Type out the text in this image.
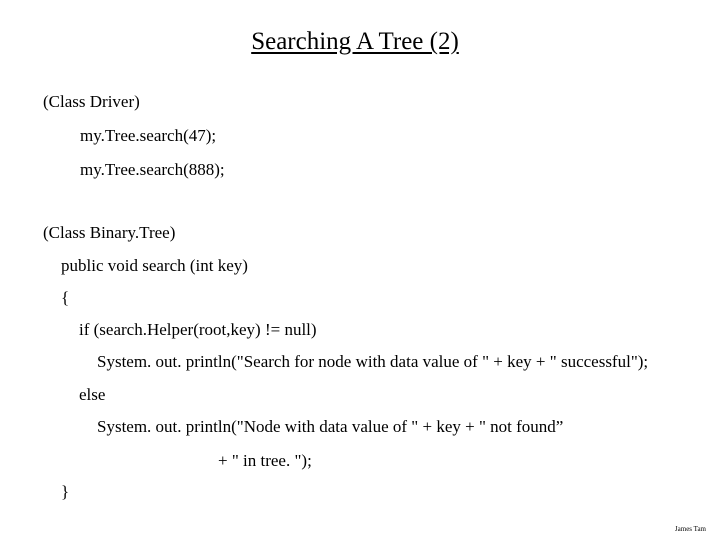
Searching A Tree (2)
(Class Driver)
my.Tree.search(47);
my.Tree.search(888);
(Class Binary.Tree)
public void search (int key)
{
if (search.Helper(root,key) != null)
System. out. println("Search for node with data value of " + key + " successful");
else
System. out. println("Node with data value of " + key + " not found”
+ " in tree. ");
}
James Tam
